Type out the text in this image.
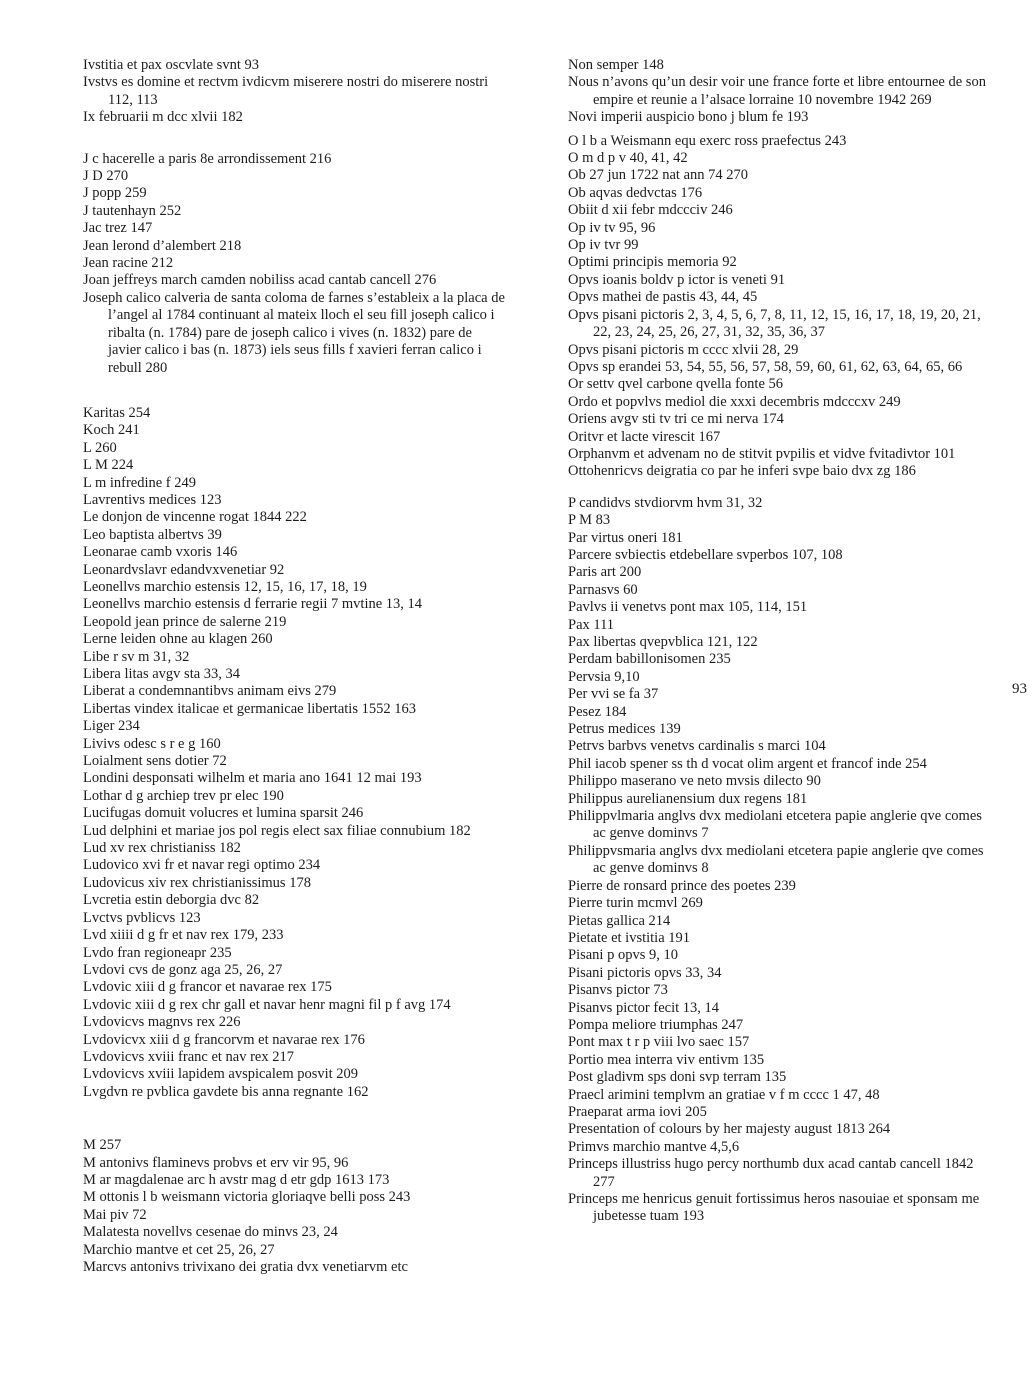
Ivstitia et pax oscvlate svnt 93
Ivstvs es domine et rectvm ivdicvm miserere nostri do miserere nostri 112, 113
Ix februarii m dcc xlvii 182
J c hacerelle a paris 8e arrondissement 216
J D 270
J popp 259
J tautenhayn 252
Jac trez 147
Jean lerond d’alembert 218
Jean racine 212
Joan jeffreys march camden nobiliss acad cantab cancell 276
Joseph calico calveria de santa coloma de farnes s’estableix a la placa de l’angel al 1784 continuant al mateix lloch el seu fill joseph calico i ribalta (n. 1784) pare de joseph calico i vives (n. 1832) pare de javier calico i bas (n. 1873) iels seus fills f xavieri ferran calico i rebull 280
Karitas 254
Koch 241
L 260
L M 224
L m infredine f 249
Lavrentivs medices 123
Le donjon de vincenne rogat 1844 222
Leo baptista albertvs 39
Leonarae camb vxoris 146
Leonardvslavr edandvxvenetiar 92
Leonellvs marchio estensis 12, 15, 16, 17, 18, 19
Leonellvs marchio estensis d ferrarie regii 7 mvtine 13, 14
Leopold jean prince de salerne 219
Lerne leiden ohne au klagen 260
Libe r sv m 31, 32
Libera litas avgv sta 33, 34
Liberat a condemnantibvs animam eivs 279
Libertas vindex italicae et germanicae libertatis 1552 163
Liger 234
Livivs odesc s r e g 160
Loialment sens dotier 72
Londini desponsati wilhelm et maria ano 1641 12 mai 193
Lothar d g archiep trev pr elec 190
Lucifugas domuit volucres et lumina sparsit 246
Lud delphini et mariae jos pol regis elect sax filiae connubium 182
Lud xv rex christianiss 182
Ludovico xvi fr et navar regi optimo 234
Ludovicus xiv rex christianissimus 178
Lvcretia estin deborgia dvc 82
Lvctvs pvblicvs 123
Lvd xiiii d g fr et nav rex 179, 233
Lvdo fran regioneapr 235
Lvdovi cvs de gonz aga 25, 26, 27
Lvdovic xiii d g francor et navarae rex 175
Lvdovic xiii d g rex chr gall et navar henr magni fil p f avg 174
Lvdovicvs magnvs rex 226
Lvdovicvx xiii d g francorvm et navarae rex 176
Lvdovicvs xviii franc et nav rex 217
Lvdovicvs xviii lapidem avspicalem posvit 209
Lvgdvn re pvblica gavdete bis anna regnante 162
M 257
M antonivs flaminevs probvs et erv vir 95, 96
M ar magdalenae arc h avstr mag d etr gdp 1613 173
M ottonis l b weismann victoria gloriaqve belli poss 243
Mai piv 72
Malatesta novellvs cesenae do minvs 23, 24
Marchio mantve et cet 25, 26, 27
Marcvs antonivs trivixano dei gratia dvx venetiarvm etc
Non semper 148
Nous n’avons qu’un desir voir une france forte et libre entournee de son empire et reunie a l’alsace lorraine 10 novembre 1942 269
Novi imperii auspicio bono j blum fe 193
O l b a Weismann equ exerc ross praefectus 243
O m d p v 40, 41, 42
Ob 27 jun 1722 nat ann 74 270
Ob aqvas dedvctas 176
Obiit d xii febr mdccciv 246
Op iv tv 95, 96
Op iv tvr 99
Optimi principis memoria 92
Opvs ioanis boldv p ictor is veneti 91
Opvs mathei de pastis 43, 44, 45
Opvs pisani pictoris 2, 3, 4, 5, 6, 7, 8, 11, 12, 15, 16, 17, 18, 19, 20, 21, 22, 23, 24, 25, 26, 27, 31, 32, 35, 36, 37
Opvs pisani pictoris m cccc xlvii 28, 29
Opvs sp erandei 53, 54, 55, 56, 57, 58, 59, 60, 61, 62, 63, 64, 65, 66
Or settv qvel carbone qvella fonte 56
Ordo et popvlvs mediol die xxxi decembris mdcccxv 249
Oriens avgv sti tv tri ce mi nerva 174
Oritvr et lacte virescit 167
Orphanvm et advenam no de stitvit pvpilis et vidve fvitadivtor 101
Ottohenricvs deigratia co par he inferi svpe baio dvx zg 186
P candidvs stvdiorvm hvm 31, 32
P M 83
Par virtus oneri 181
Parcere svbiectis etdebellare svperbos 107, 108
Paris art 200
Parnasvs 60
Pavlvs ii venetvs pont max 105, 114, 151
Pax 111
Pax libertas qvepvblica 121, 122
Perdam babillonisomen 235
Pervsia 9,10
Per vvi se fa 37
Pesez 184
Petrus medices 139
Petrvs barbvs venetvs cardinalis s marci 104
Phil iacob spener ss th d vocat olim argent et francof inde 254
Philippo maserano ve neto mvsis dilecto 90
Philippus aurelianensium dux regens 181
Philippvlmaria anglvs dvx mediolani etcetera papie anglerie qve comes ac genve dominvs 7
Philippvsmaria anglvs dvx mediolani etcetera papie anglerie qve comes ac genve dominvs 8
Pierre de ronsard prince des poetes 239
Pierre turin mcmvl 269
Pietas gallica 214
Pietate et ivstitia 191
Pisani p opvs 9, 10
Pisani pictoris opvs 33, 34
Pisanvs pictor 73
Pisanvs pictor fecit 13, 14
Pompa meliore triumphas 247
Pont max t r p viii lvo saec 157
Portio mea interra viv entivm 135
Post gladivm sps doni svp terram 135
Praecl arimini templvm an gratiae v f m cccc 1 47, 48
Praeparat arma iovi 205
Presentation of colours by her majesty august 1813 264
Primvs marchio mantve 4,5,6
Princeps illustriss hugo percy northumb dux acad cantab cancell 1842 277
Princeps me henricus genuit fortissimus heros nasouiae et sponsam me jubetesse tuam 193
93
